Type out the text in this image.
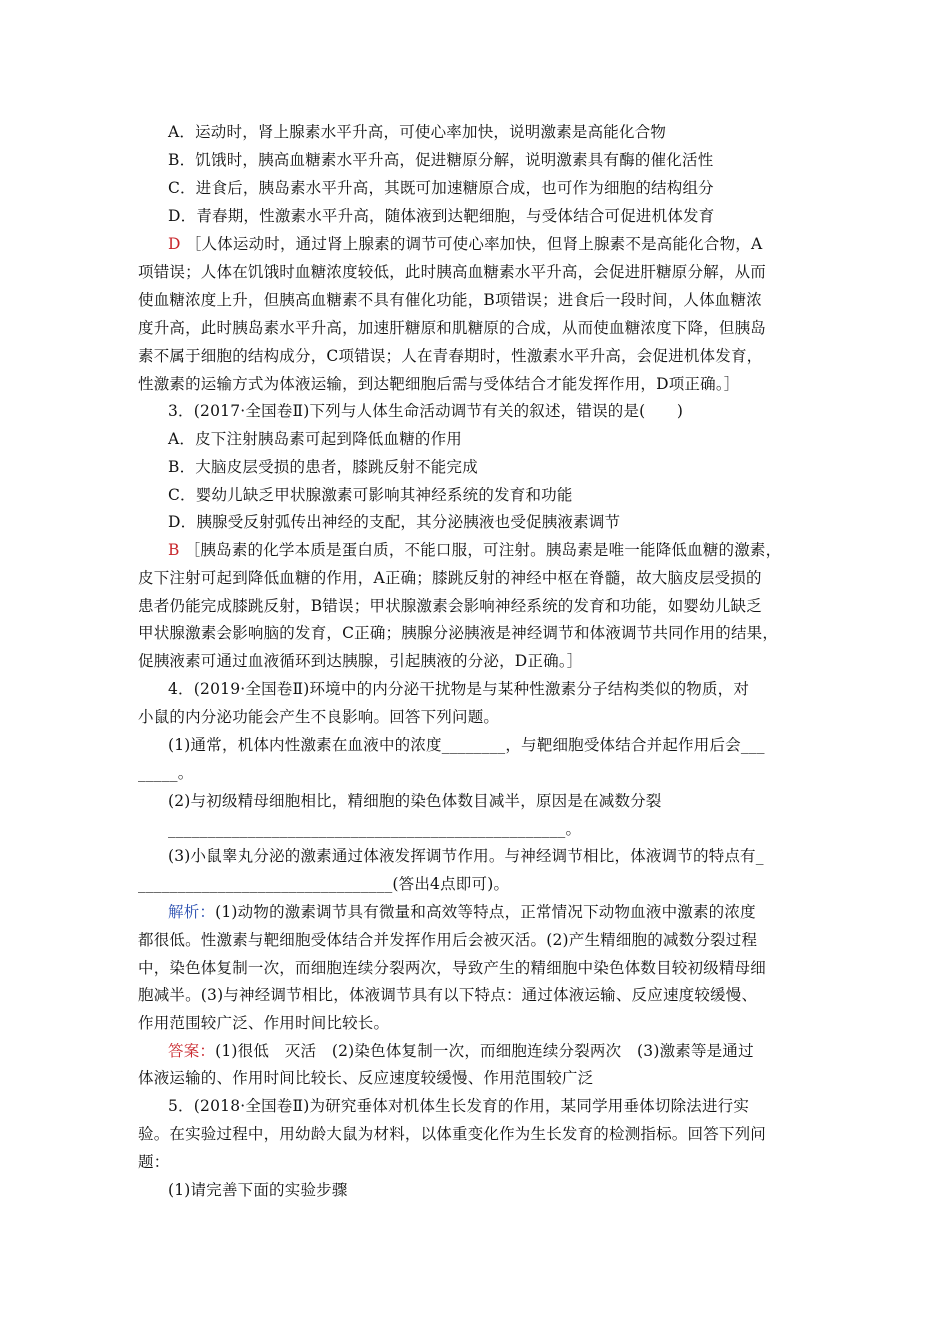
A．运动时，肾上腺素水平升高，可使心率加快，说明激素是高能化合物
B．饥饿时，胰高血糖素水平升高，促进糖原分解，说明激素具有酶的催化活性
C．进食后，胰岛素水平升高，其既可加速糖原合成，也可作为细胞的结构组分
D．青春期，性激素水平升高，随体液到达靶细胞，与受体结合可促进机体发育
D ［人体运动时，通过肾上腺素的调节可使心率加快，但肾上腺素不是高能化合物，A
项错误；人体在饥饿时血糖浓度较低，此时胰高血糖素水平升高，会促进肝糖原分解，从而
使血糖浓度上升，但胰高血糖素不具有催化功能，B项错误；进食后一段时间，人体血糖浓
度升高，此时胰岛素水平升高，加速肝糖原和肌糖原的合成，从而使血糖浓度下降，但胰岛
素不属于细胞的结构成分，C项错误；人在青春期时，性激素水平升高，会促进机体发育，
性激素的运输方式为体液运输，到达靶细胞后需与受体结合才能发挥作用，D项正确。］
3．(2017·全国卷Ⅱ)下列与人体生命活动调节有关的叙述，错误的是(　　)
A．皮下注射胰岛素可起到降低血糖的作用
B．大脑皮层受损的患者，膝跳反射不能完成
C．婴幼儿缺乏甲状腺激素可影响其神经系统的发育和功能
D．胰腺受反射弧传出神经的支配，其分泌胰液也受促胰液素调节
B ［胰岛素的化学本质是蛋白质，不能口服，可注射。胰岛素是唯一能降低血糖的激素，
皮下注射可起到降低血糖的作用，A正确；膝跳反射的神经中枢在脊髓，故大脑皮层受损的
患者仍能完成膝跳反射，B错误；甲状腺激素会影响神经系统的发育和功能，如婴幼儿缺乏
甲状腺激素会影响脑的发育，C正确；胰腺分泌胰液是神经调节和体液调节共同作用的结果，
促胰液素可通过血液循环到达胰腺，引起胰液的分泌，D正确。］
4．(2019·全国卷Ⅱ)环境中的内分泌干扰物是与某种性激素分子结构类似的物质，对
小鼠的内分泌功能会产生不良影响。回答下列问题。
(1)通常，机体内性激素在血液中的浓度________，与靶细胞受体结合并起作用后会___
_____。
(2)与初级精母细胞相比，精细胞的染色体数目减半，原因是在减数分裂
__________________________________________________。
(3)小鼠睾丸分泌的激素通过体液发挥调节作用。与神经调节相比，体液调节的特点有_
________________________________(答出4点即可)。
解析：(1)动物的激素调节具有微量和高效等特点，正常情况下动物血液中激素的浓度
都很低。性激素与靶细胞受体结合并发挥作用后会被灭活。(2)产生精细胞的减数分裂过程
中，染色体复制一次，而细胞连续分裂两次，导致产生的精细胞中染色体数目较初级精母细
胞减半。(3)与神经调节相比，体液调节具有以下特点：通过体液运输、反应速度较缓慢、
作用范围较广泛、作用时间比较长。
答案：(1)很低　灭活　(2)染色体复制一次，而细胞连续分裂两次　(3)激素等是通过
体液运输的、作用时间比较长、反应速度较缓慢、作用范围较广泛
5．(2018·全国卷Ⅱ)为研究垂体对机体生长发育的作用，某同学用垂体切除法进行实
验。在实验过程中，用幼龄大鼠为材料，以体重变化作为生长发育的检测指标。回答下列问
题：
(1)请完善下面的实验步骤
